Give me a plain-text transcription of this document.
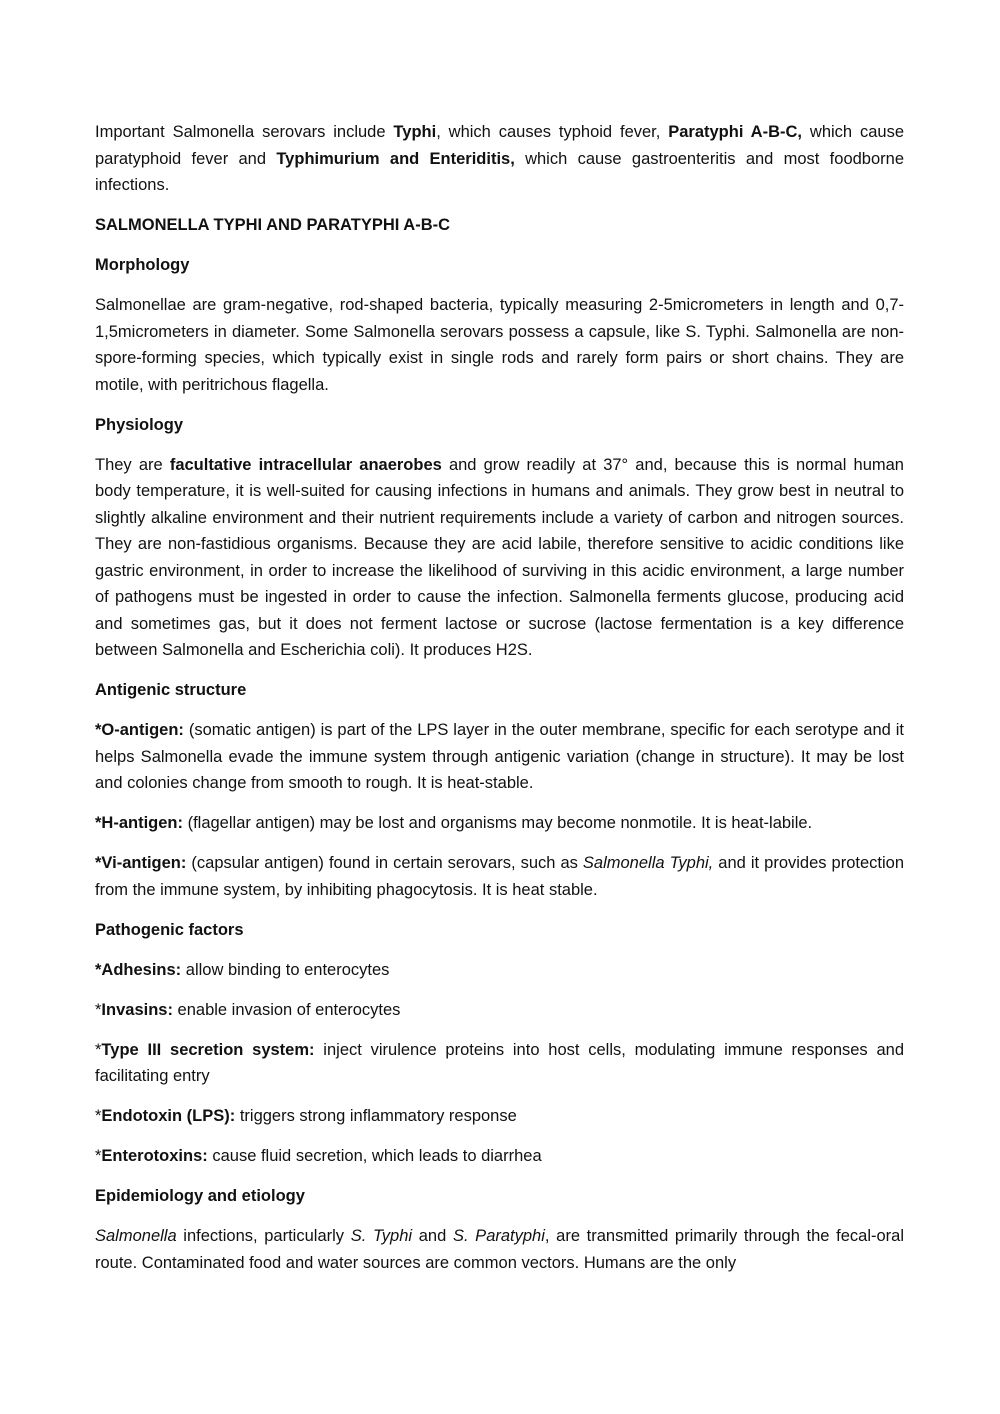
Important Salmonella serovars include Typhi, which causes typhoid fever, Paratyphi A-B-C, which cause paratyphoid fever and Typhimurium and Enteriditis, which cause gastroenteritis and most foodborne infections.

SALMONELLA TYPHI AND PARATYPHI A-B-C

Morphology

Salmonellae are gram-negative, rod-shaped bacteria, typically measuring 2-5micrometers in length and 0,7-1,5micrometers in diameter. Some Salmonella serovars possess a capsule, like S. Typhi. Salmonella are non-spore-forming species, which typically exist in single rods and rarely form pairs or short chains. They are motile, with peritrichous flagella.

Physiology

They are facultative intracellular anaerobes and grow readily at 37° and, because this is normal human body temperature, it is well-suited for causing infections in humans and animals. They grow best in neutral to slightly alkaline environment and their nutrient requirements include a variety of carbon and nitrogen sources. They are non-fastidious organisms. Because they are acid labile, therefore sensitive to acidic conditions like gastric environment, in order to increase the likelihood of surviving in this acidic environment, a large number of pathogens must be ingested in order to cause the infection. Salmonella ferments glucose, producing acid and sometimes gas, but it does not ferment lactose or sucrose (lactose fermentation is a key difference between Salmonella and Escherichia coli). It produces H2S.

Antigenic structure

*O-antigen: (somatic antigen) is part of the LPS layer in the outer membrane, specific for each serotype and it helps Salmonella evade the immune system through antigenic variation (change in structure). It may be lost and colonies change from smooth to rough. It is heat-stable.

*H-antigen: (flagellar antigen) may be lost and organisms may become nonmotile. It is heat-labile.

*Vi-antigen: (capsular antigen) found in certain serovars, such as Salmonella Typhi, and it provides protection from the immune system, by inhibiting phagocytosis. It is heat stable.

Pathogenic factors

*Adhesins: allow binding to enterocytes

*Invasins: enable invasion of enterocytes

*Type III secretion system: inject virulence proteins into host cells, modulating immune responses and facilitating entry

*Endotoxin (LPS): triggers strong inflammatory response

*Enterotoxins: cause fluid secretion, which leads to diarrhea

Epidemiology and etiology

Salmonella infections, particularly S. Typhi and S. Paratyphi, are transmitted primarily through the fecal-oral route. Contaminated food and water sources are common vectors. Humans are the only
